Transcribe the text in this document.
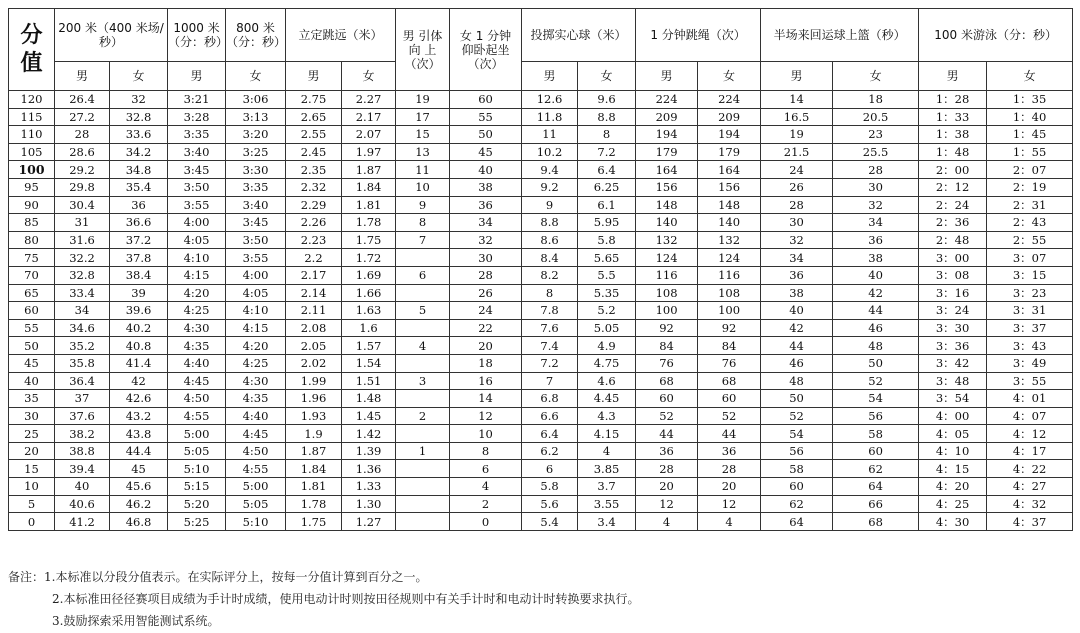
分值	200 米（400 米场/秒）		1000 米（分：秒）	800 米（分：秒）	立定跳远（米）		男 引体 向 上（次）	女 1 分钟仰卧起坐（次）	投掷实心球（米）		1 分钟跳绳（次）		半场来回运球上篮（秒）		100 米游泳（分：秒）	
	男	女	男	女	男	女			男	女	男	女	男	女	男	女
120	26.4	32	3:21	3:06	2.75	2.27	19	60	12.6	9.6	224	224	14	18	1：28	1：35
115	27.2	32.8	3:28	3:13	2.65	2.17	17	55	11.8	8.8	209	209	16.5	20.5	1：33	1：40
110	28	33.6	3:35	3:20	2.55	2.07	15	50	11	8	194	194	19	23	1：38	1：45
105	28.6	34.2	3:40	3:25	2.45	1.97	13	45	10.2	7.2	179	179	21.5	25.5	1：48	1：55
100	29.2	34.8	3:45	3:30	2.35	1.87	11	40	9.4	6.4	164	164	24	28	2：00	2：07
95	29.8	35.4	3:50	3:35	2.32	1.84	10	38	9.2	6.25	156	156	26	30	2：12	2：19
90	30.4	36	3:55	3:40	2.29	1.81	9	36	9	6.1	148	148	28	32	2：24	2：31
85	31	36.6	4:00	3:45	2.26	1.78	8	34	8.8	5.95	140	140	30	34	2：36	2：43
80	31.6	37.2	4:05	3:50	2.23	1.75	7	32	8.6	5.8	132	132	32	36	2：48	2：55
75	32.2	37.8	4:10	3:55	2.2	1.72		30	8.4	5.65	124	124	34	38	3：00	3：07
70	32.8	38.4	4:15	4:00	2.17	1.69	6	28	8.2	5.5	116	116	36	40	3：08	3：15
65	33.4	39	4:20	4:05	2.14	1.66		26	8	5.35	108	108	38	42	3：16	3：23
60	34	39.6	4:25	4:10	2.11	1.63	5	24	7.8	5.2	100	100	40	44	3：24	3：31
55	34.6	40.2	4:30	4:15	2.08	1.6		22	7.6	5.05	92	92	42	46	3：30	3：37
50	35.2	40.8	4:35	4:20	2.05	1.57	4	20	7.4	4.9	84	84	44	48	3：36	3：43
45	35.8	41.4	4:40	4:25	2.02	1.54		18	7.2	4.75	76	76	46	50	3：42	3：49
40	36.4	42	4:45	4:30	1.99	1.51	3	16	7	4.6	68	68	48	52	3：48	3：55
35	37	42.6	4:50	4:35	1.96	1.48		14	6.8	4.45	60	60	50	54	3：54	4：01
30	37.6	43.2	4:55	4:40	1.93	1.45	2	12	6.6	4.3	52	52	52	56	4：00	4：07
25	38.2	43.8	5:00	4:45	1.9	1.42		10	6.4	4.15	44	44	54	58	4：05	4：12
20	38.8	44.4	5:05	4:50	1.87	1.39	1	8	6.2	4	36	36	56	60	4：10	4：17
15	39.4	45	5:10	4:55	1.84	1.36		6	6	3.85	28	28	58	62	4：15	4：22
10	40	45.6	5:15	5:00	1.81	1.33		4	5.8	3.7	20	20	60	64	4：20	4：27
5	40.6	46.2	5:20	5:05	1.78	1.30		2	5.6	3.55	12	12	62	66	4：25	4：32
0	41.2	46.8	5:25	5:10	1.75	1.27		0	5.4	3.4	4	4	64	68	4：30	4：37
备注：1.本标准以分段分值表示。在实际评分上，按每一分值计算到百分之一。
2.本标准田径径赛项目成绩为手计时成绩，使用电动计时则按田径规则中有关手计时和电动计时转换要求执行。
3.鼓励探索采用智能测试系统。
